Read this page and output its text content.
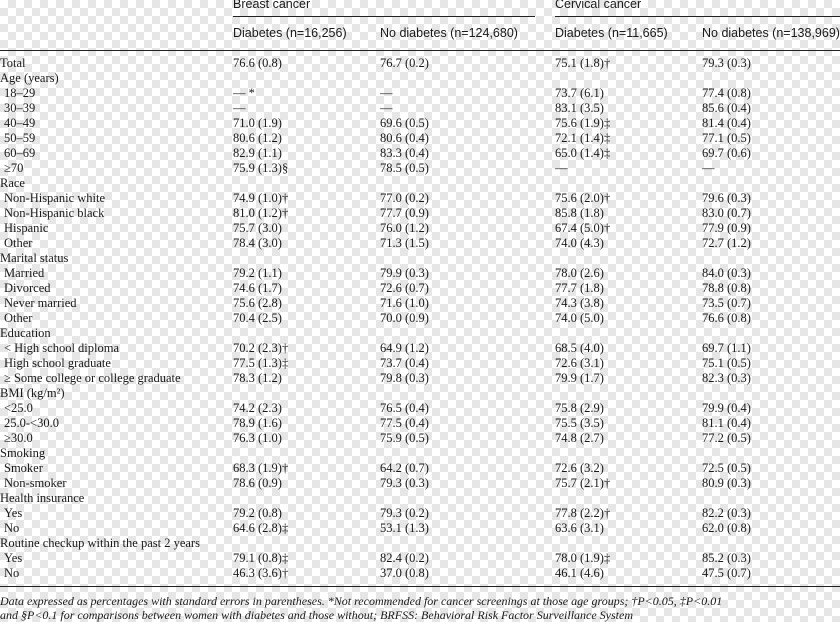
Breast cancer	Cervical cancer
Diabetes (n=16,256)	No diabetes (n=124,680)	Diabetes (n=11,665)	No diabetes (n=138,969)
Total	76.6 (0.8)	76.7 (0.2)	75.1 (1.8)†	79.3 (0.3)
Age (years)
18–29	— *	—	73.7 (6.1)	77.4 (0.8)
30–39	—	—	83.1 (3.5)	85.6 (0.4)
40–49	71.0 (1.9)	69.6 (0.5)	75.6 (1.9)‡	81.4 (0.4)
50–59	80.6 (1.2)	80.6 (0.4)	72.1 (1.4)‡	77.1 (0.5)
60–69	82.9 (1.1)	83.3 (0.4)	65.0 (1.4)‡	69.7 (0.6)
≥70	75.9 (1.3)§	78.5 (0.5)	—	—
Race
Non-Hispanic white	74.9 (1.0)†	77.0 (0.2)	75.6 (2.0)†	79.6 (0.3)
Non-Hispanic black	81.0 (1.2)†	77.7 (0.9)	85.8 (1.8)	83.0 (0.7)
Hispanic	75.7 (3.0)	76.0 (1.2)	67.4 (5.0)†	77.9 (0.9)
Other	78.4 (3.0)	71.3 (1.5)	74.0 (4.3)	72.7 (1.2)
Marital status
Married	79.2 (1.1)	79.9 (0.3)	78.0 (2.6)	84.0 (0.3)
Divorced	74.6 (1.7)	72.6 (0.7)	77.7 (1.8)	78.8 (0.8)
Never married	75.6 (2.8)	71.6 (1.0)	74.3 (3.8)	73.5 (0.7)
Other	70.4 (2.5)	70.0 (0.9)	74.0 (5.0)	76.6 (0.8)
Education
< High school diploma	70.2 (2.3)†	64.9 (1.2)	68.5 (4.0)	69.7 (1.1)
High school graduate	77.5 (1.3)‡	73.7 (0.4)	72.6 (3.1)	75.1 (0.5)
≥ Some college or college graduate	78.3 (1.2)	79.8 (0.3)	79.9 (1.7)	82.3 (0.3)
BMI (kg/m²)
<25.0	74.2 (2.3)	76.5 (0.4)	75.8 (2.9)	79.9 (0.4)
25.0-<30.0	78.9 (1.6)	77.5 (0.4)	75.5 (3.5)	81.1 (0.4)
≥30.0	76.3 (1.0)	75.9 (0.5)	74.8 (2.7)	77.2 (0.5)
Smoking
Smoker	68.3 (1.9)†	64.2 (0.7)	72.6 (3.2)	72.5 (0.5)
Non-smoker	78.6 (0.9)	79.3 (0.3)	75.7 (2.1)†	80.9 (0.3)
Health insurance
Yes	79.2 (0.8)	79.3 (0.2)	77.8 (2.2)†	82.2 (0.3)
No	64.6 (2.8)‡	53.1 (1.3)	63.6 (3.1)	62.0 (0.8)
Routine checkup within the past 2 years
Yes	79.1 (0.8)‡	82.4 (0.2)	78.0 (1.9)‡	85.2 (0.3)
No	46.3 (3.6)†	37.0 (0.8)	46.1 (4.6)	47.5 (0.7)
Data expressed as percentages with standard errors in parentheses. *Not recommended for cancer screenings at those age groups; †P<0.05, ‡P<0.01
and §P<0.1 for comparisons between women with diabetes and those without; BRFSS: Behavioral Risk Factor Surveillance System
